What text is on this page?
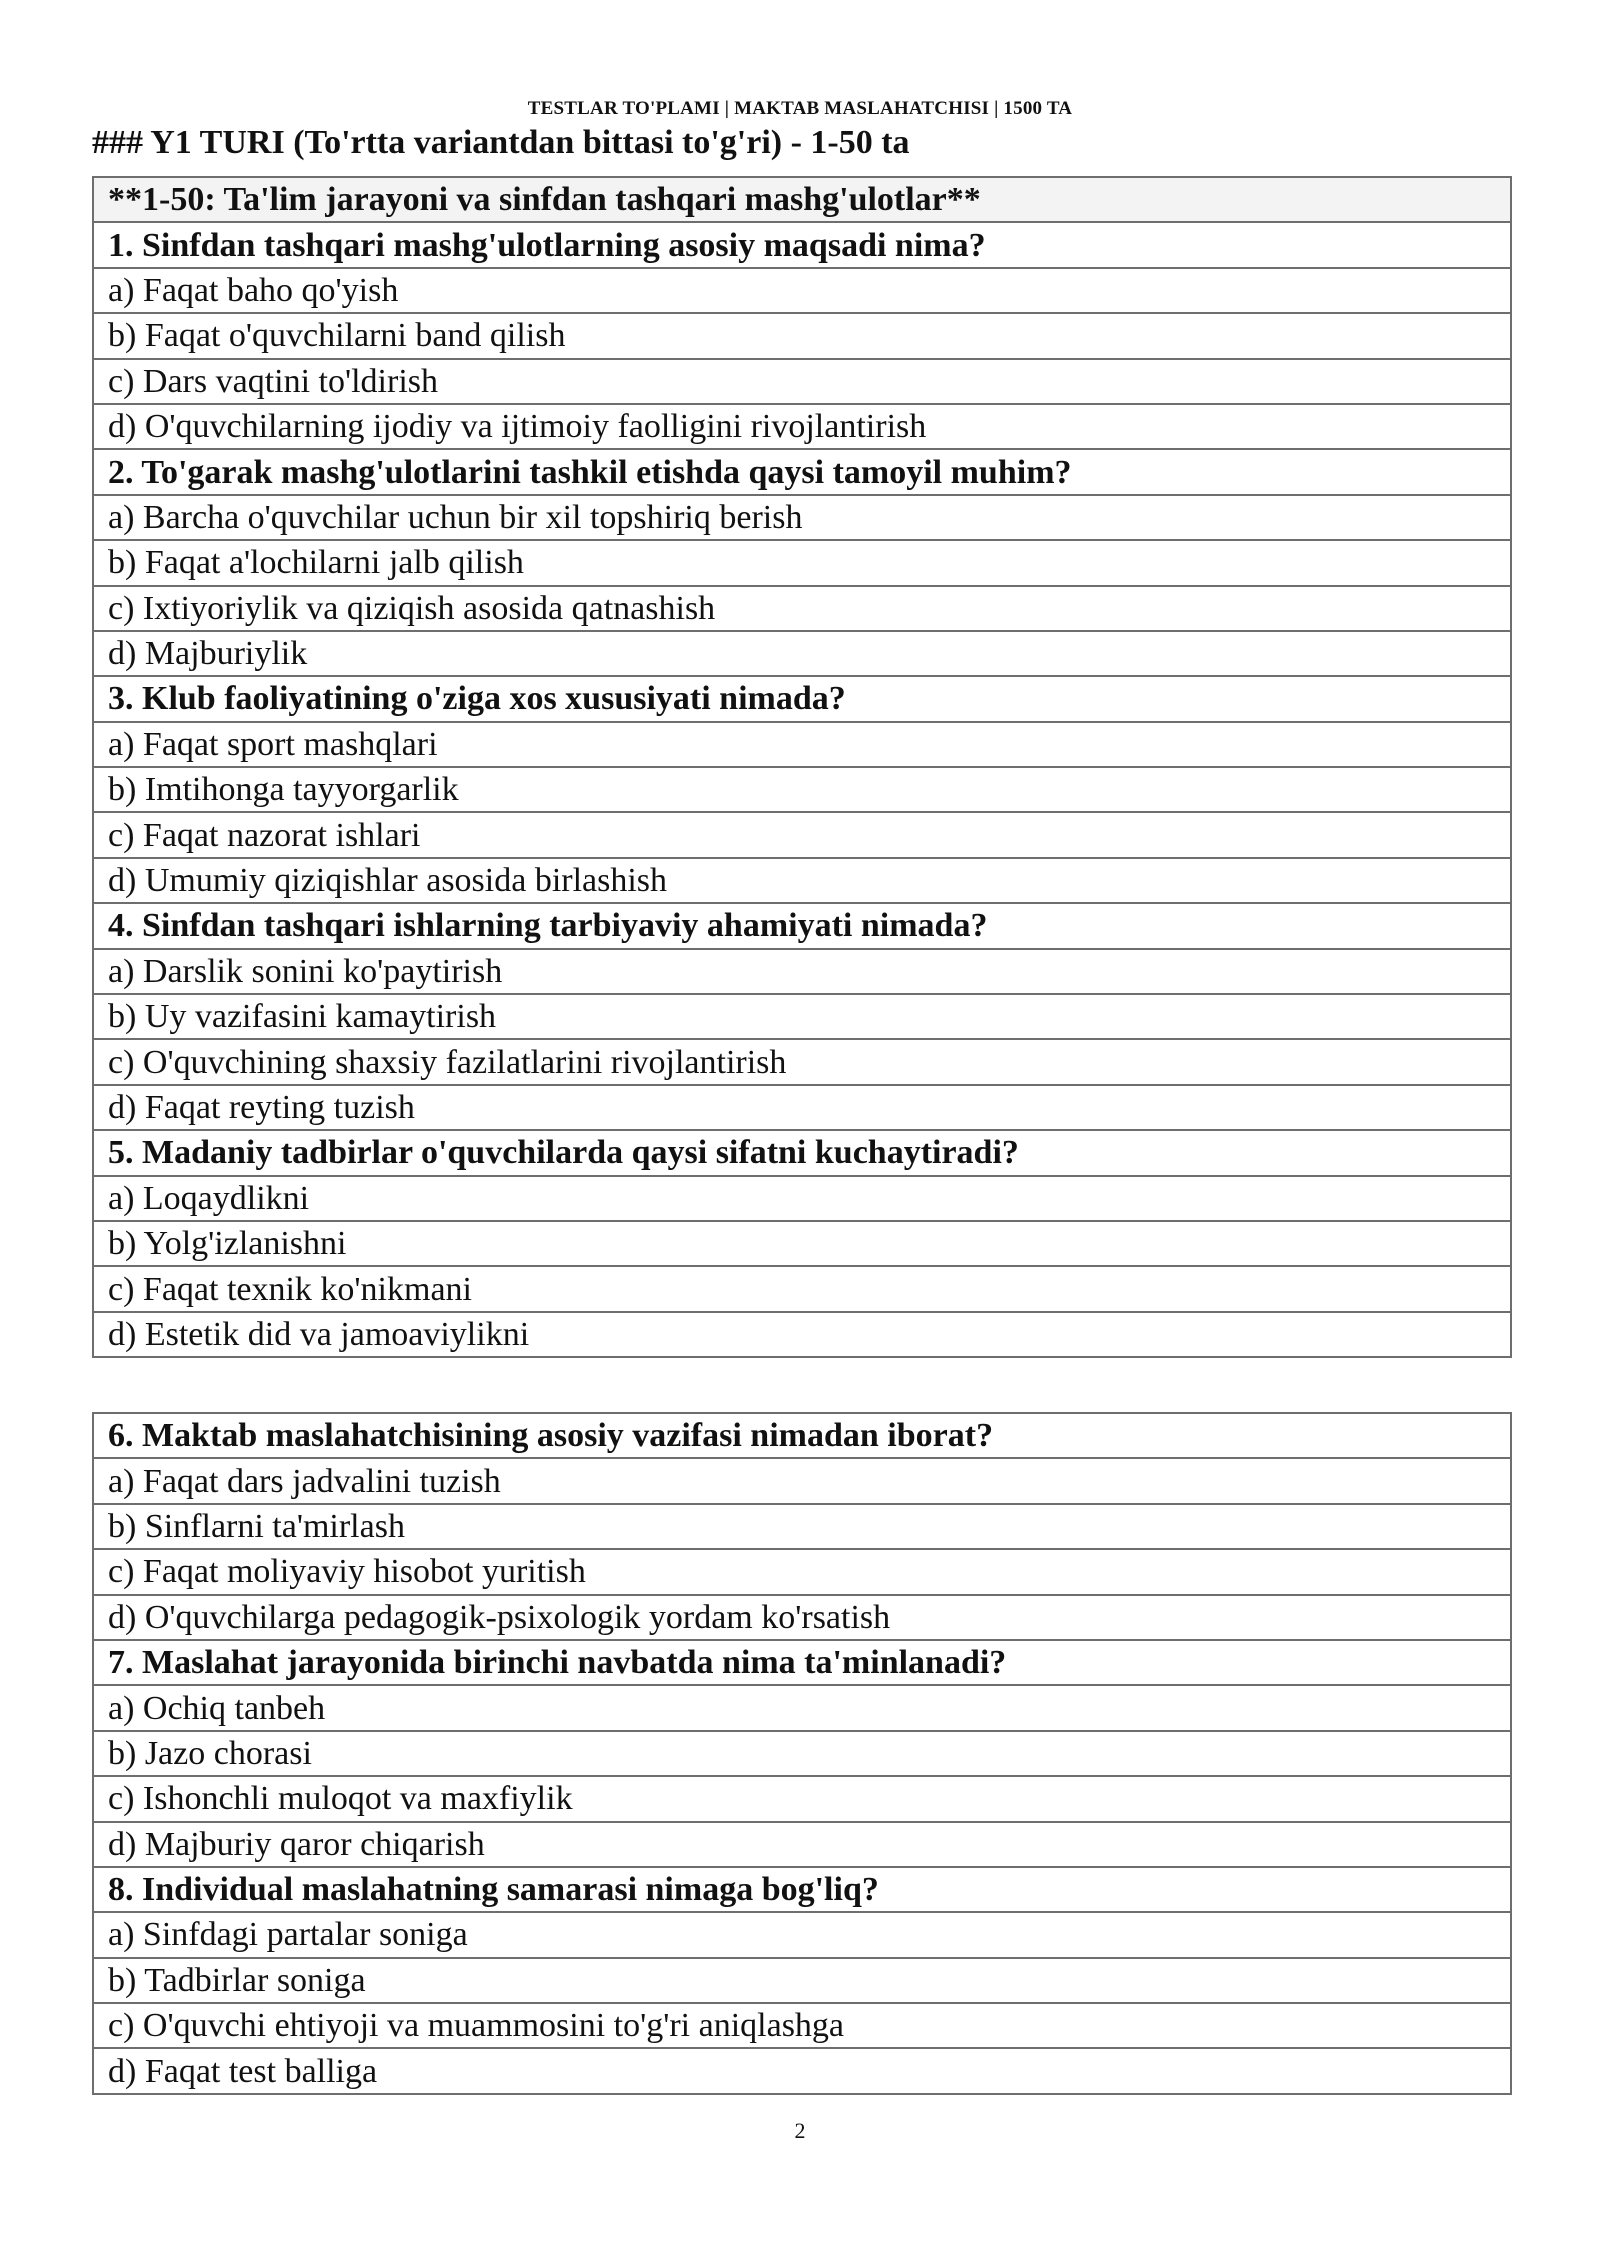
TESTLAR TO'PLAMI | MAKTAB MASLAHATCHISI | 1500 TA
### Y1 TURI (To'rtta variantdan bittasi to'g'ri) - 1-50 ta
**1-50: Ta'lim jarayoni va sinfdan tashqari mashg'ulotlar**
1. Sinfdan tashqari mashg'ulotlarning asosiy maqsadi nima?
a) Faqat baho qo'yish
b) Faqat o'quvchilarni band qilish
c) Dars vaqtini to'ldirish
d) O'quvchilarning ijodiy va ijtimoiy faolligini rivojlantirish
2. To'garak mashg'ulotlarini tashkil etishda qaysi tamoyil muhim?
a) Barcha o'quvchilar uchun bir xil topshiriq berish
b) Faqat a'lochilarni jalb qilish
c) Ixtiyoriylik va qiziqish asosida qatnashish
d) Majburiylik
3. Klub faoliyatining o'ziga xos xususiyati nimada?
a) Faqat sport mashqlari
b) Imtihonga tayyorgarlik
c) Faqat nazorat ishlari
d) Umumiy qiziqishlar asosida birlashish
4. Sinfdan tashqari ishlarning tarbiyaviy ahamiyati nimada?
a) Darslik sonini ko'paytirish
b) Uy vazifasini kamaytirish
c) O'quvchining shaxsiy fazilatlarini rivojlantirish
d) Faqat reyting tuzish
5. Madaniy tadbirlar o'quvchilarda qaysi sifatni kuchaytiradi?
a) Loqaydlikni
b) Yolg'izlanishni
c) Faqat texnik ko'nikmani
d) Estetik did va jamoaviylikni
6. Maktab maslahatchisining asosiy vazifasi nimadan iborat?
a) Faqat dars jadvalini tuzish
b) Sinflarni ta'mirlash
c) Faqat moliyaviy hisobot yuritish
d) O'quvchilarga pedagogik-psixologik yordam ko'rsatish
7. Maslahat jarayonida birinchi navbatda nima ta'minlanadi?
a) Ochiq tanbeh
b) Jazo chorasi
c) Ishonchli muloqot va maxfiylik
d) Majburiy qaror chiqarish
8. Individual maslahatning samarasi nimaga bog'liq?
a) Sinfdagi partalar soniga
b) Tadbirlar soniga
c) O'quvchi ehtiyoji va muammosini to'g'ri aniqlashga
d) Faqat test balliga
2
